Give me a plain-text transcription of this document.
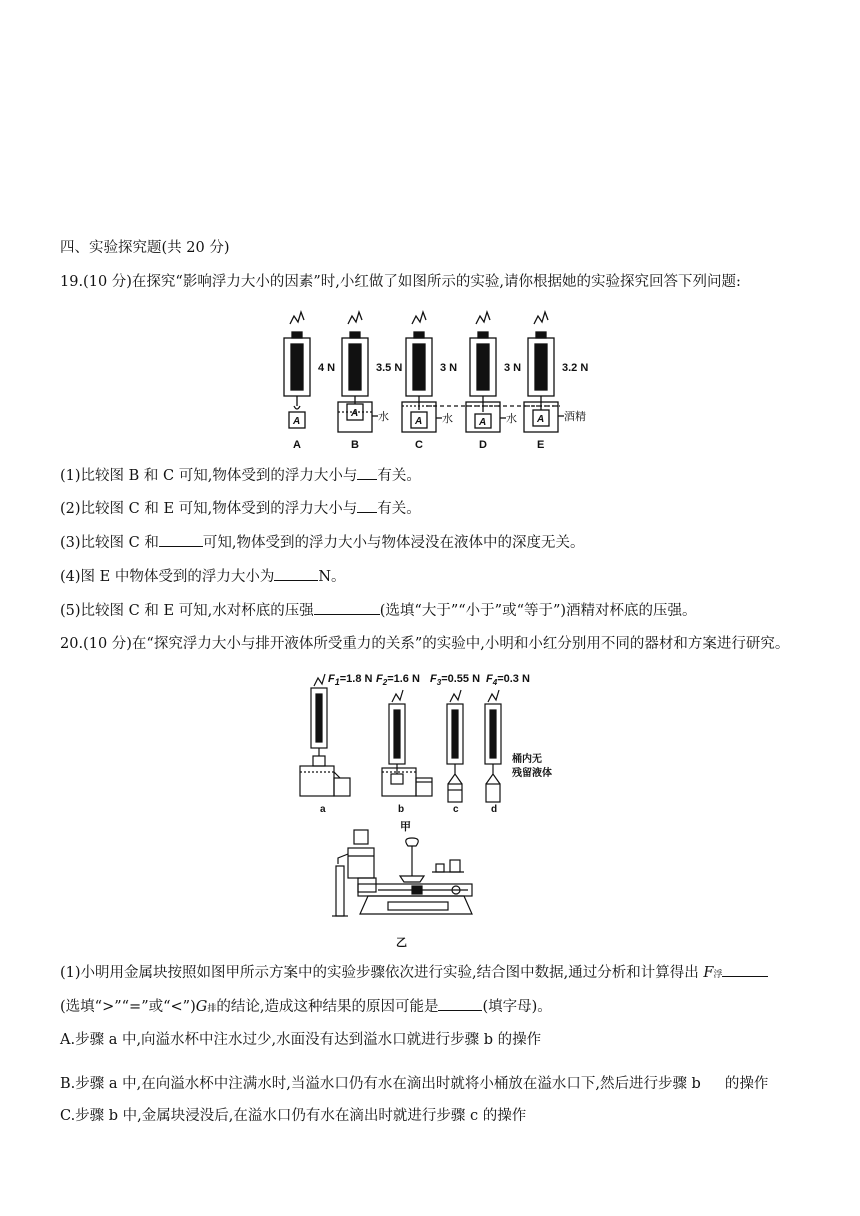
四、实验探究题(共 20 分)
19.(10 分)在探究“影响浮力大小的因素”时,小红做了如图所示的实验,请你根据她的实验探究回答下列问题:
4 N	3.5 N	3 N	3 N	3.2 N
A
A
A	A	A
水	水	水	酒精
A	B	C	D	E
(1)比较图 B 和 C 可知,物体受到的浮力大小与 有关。
(2)比较图 C 和 E 可知,物体受到的浮力大小与 有关。
(3)比较图 C 和	可知,物体受到的浮力大小与物体浸没在液体中的深度无关。
(4)图 E 中物体受到的浮力大小为	N。
(5)比较图 C 和 E 可知,水对杯底的压强	(选填“大于”“小于”或“等于”)酒精对杯底的压强。
20.(10 分)在“探究浮力大小与排开液体所受重力的关系”的实验中,小明和小红分别用不同的器材和方案进行研究。
$F_1=1.8$ N $F_2=1.6$ N $F_3=0.55$ N $F_4=0.3$ N
桶内无
残留液体
a	b	c	d
甲
乙
(1)小明用金属块按照如图甲所示方案中的实验步骤依次进行实验,结合图中数据,通过分析和计算得出 F浮
(选填“>”“=”或“<”)G排的结论,造成这种结果的原因可能是	(填字母)。
A.步骤 a 中,向溢水杯中注水过少,水面没有达到溢水口就进行步骤 b 的操作
B.步骤 a 中,在向溢水杯中注满水时,当溢水口仍有水在滴出时就将小桶放在溢水口下,然后进行步骤 b 的操作
C.步骤 b 中,金属块浸没后,在溢水口仍有水在滴出时就进行步骤 c 的操作
